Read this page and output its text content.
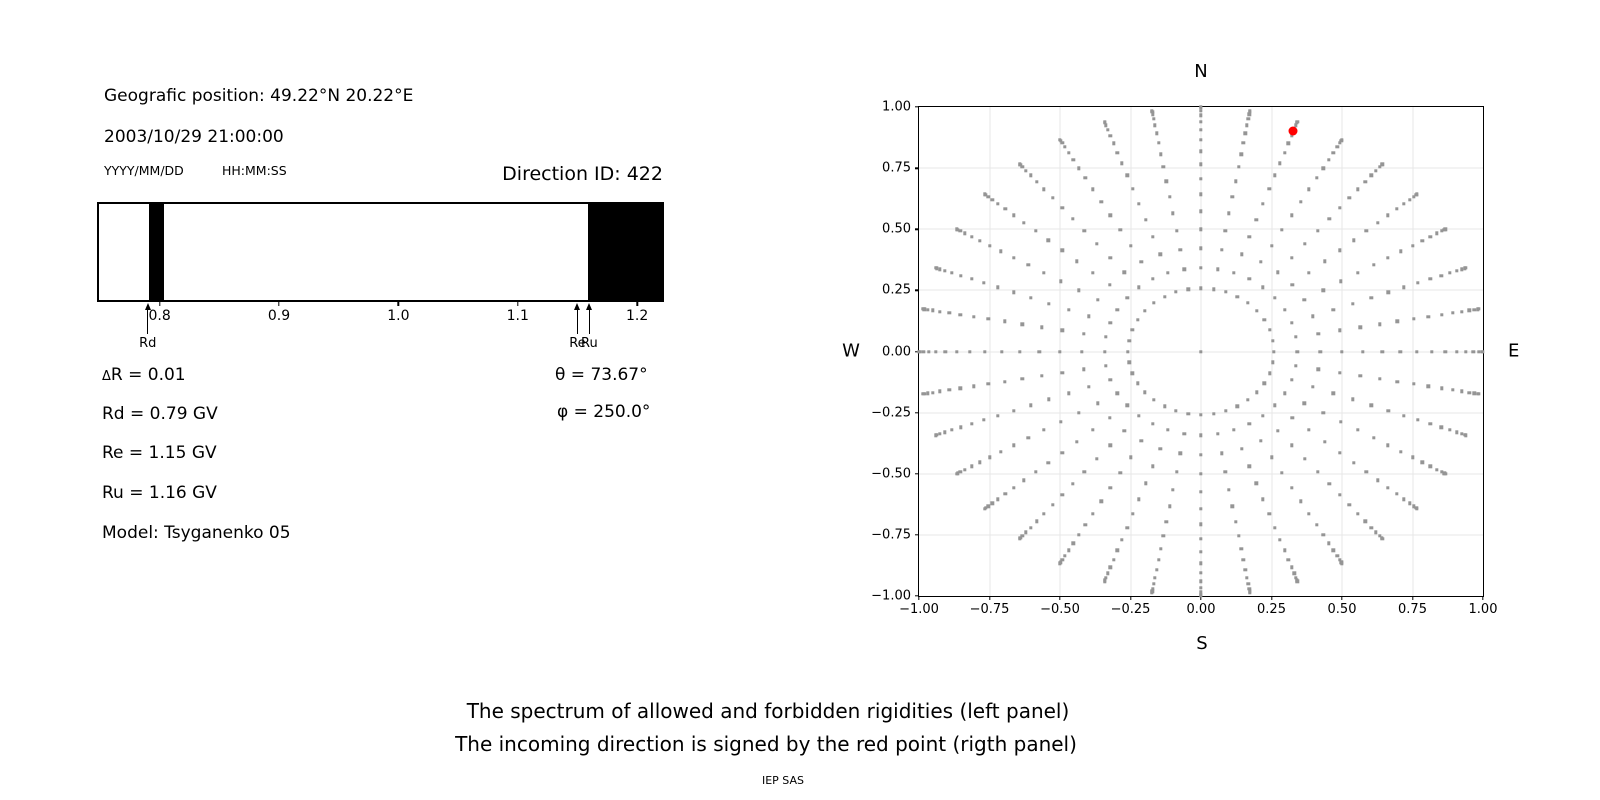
Geografic position: 49.22°N 20.22°E
2003/10/29 21:00:00
YYYY/MM/DD	HH:MM:SS	Direction ID: 422
0.8	0.9	1.0	1.1	1.2
Rd	Re
Ru
ΔR = 0.01
Rd = 0.79 GV
Re = 1.15 GV
Ru = 1.16 GV
Model: Tsyganenko 05
θ = 73.67°
φ = 250.0°
−1.00
−1.00
−0.75
−0.75
−0.50
−0.50
−0.25
−0.25
0.00
0.00
0.25
0.25
0.50
0.50
0.75
0.75
1.00
1.00
N
E
S
W
The spectrum of allowed and forbidden rigidities (left panel)
The incoming direction is signed by the red point (rigth panel)
IEP SAS
